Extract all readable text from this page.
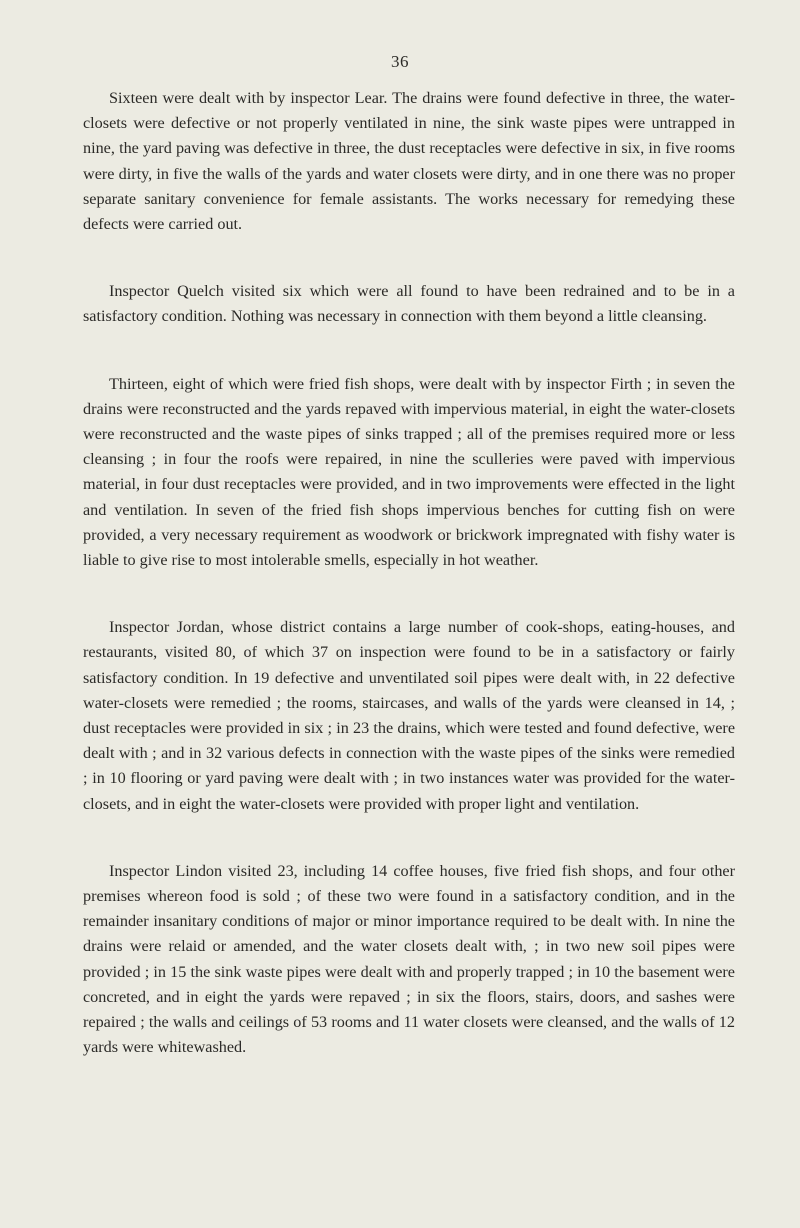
36

Sixteen were dealt with by inspector Lear. The drains were found defective in three, the water-closets were defective or not properly ventilated in nine, the sink waste pipes were untrapped in nine, the yard paving was defective in three, the dust receptacles were defective in six, in five rooms were dirty, in five the walls of the yards and water closets were dirty, and in one there was no proper separate sanitary convenience for female assistants. The works necessary for remedying these defects were carried out.

Inspector Quelch visited six which were all found to have been redrained and to be in a satisfactory condition. Nothing was necessary in connection with them beyond a little cleansing.

Thirteen, eight of which were fried fish shops, were dealt with by inspector Firth ; in seven the drains were reconstructed and the yards repaved with impervious material, in eight the water-closets were reconstructed and the waste pipes of sinks trapped ; all of the premises required more or less cleansing ; in four the roofs were repaired, in nine the sculleries were paved with impervious material, in four dust receptacles were provided, and in two improvements were effected in the light and ventilation. In seven of the fried fish shops impervious benches for cutting fish on were provided, a very necessary requirement as woodwork or brickwork impregnated with fishy water is liable to give rise to most intolerable smells, especially in hot weather.

Inspector Jordan, whose district contains a large number of cook-shops, eating-houses, and restaurants, visited 80, of which 37 on inspection were found to be in a satisfactory or fairly satisfactory condition. In 19 defective and unventilated soil pipes were dealt with, in 22 defective water-closets were remedied ; the rooms, staircases, and walls of the yards were cleansed in 14, ; dust receptacles were provided in six ; in 23 the drains, which were tested and found defective, were dealt with ; and in 32 various defects in connection with the waste pipes of the sinks were remedied ; in 10 flooring or yard paving were dealt with ; in two instances water was provided for the water-closets, and in eight the water-closets were provided with proper light and ventilation.

Inspector Lindon visited 23, including 14 coffee houses, five fried fish shops, and four other premises whereon food is sold ; of these two were found in a satisfactory condition, and in the remainder insanitary conditions of major or minor importance required to be dealt with. In nine the drains were relaid or amended, and the water closets dealt with, ; in two new soil pipes were provided ; in 15 the sink waste pipes were dealt with and properly trapped ; in 10 the basement were concreted, and in eight the yards were repaved ; in six the floors, stairs, doors, and sashes were repaired ; the walls and ceilings of 53 rooms and 11 water closets were cleansed, and the walls of 12 yards were whitewashed.
